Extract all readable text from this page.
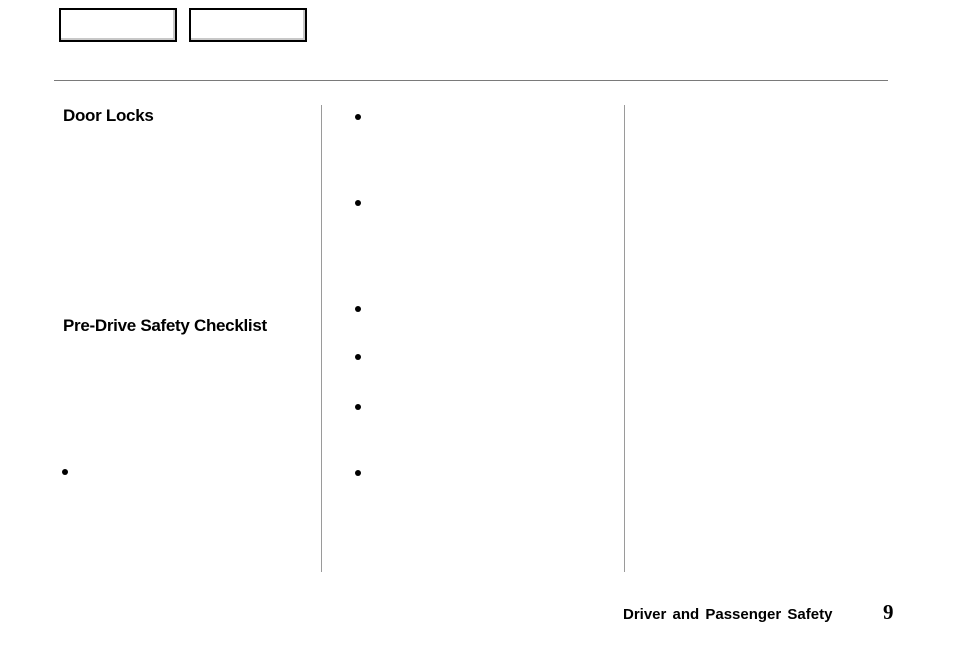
Door Locks
Pre-Drive Safety Checklist
Driver and Passenger Safety 9
